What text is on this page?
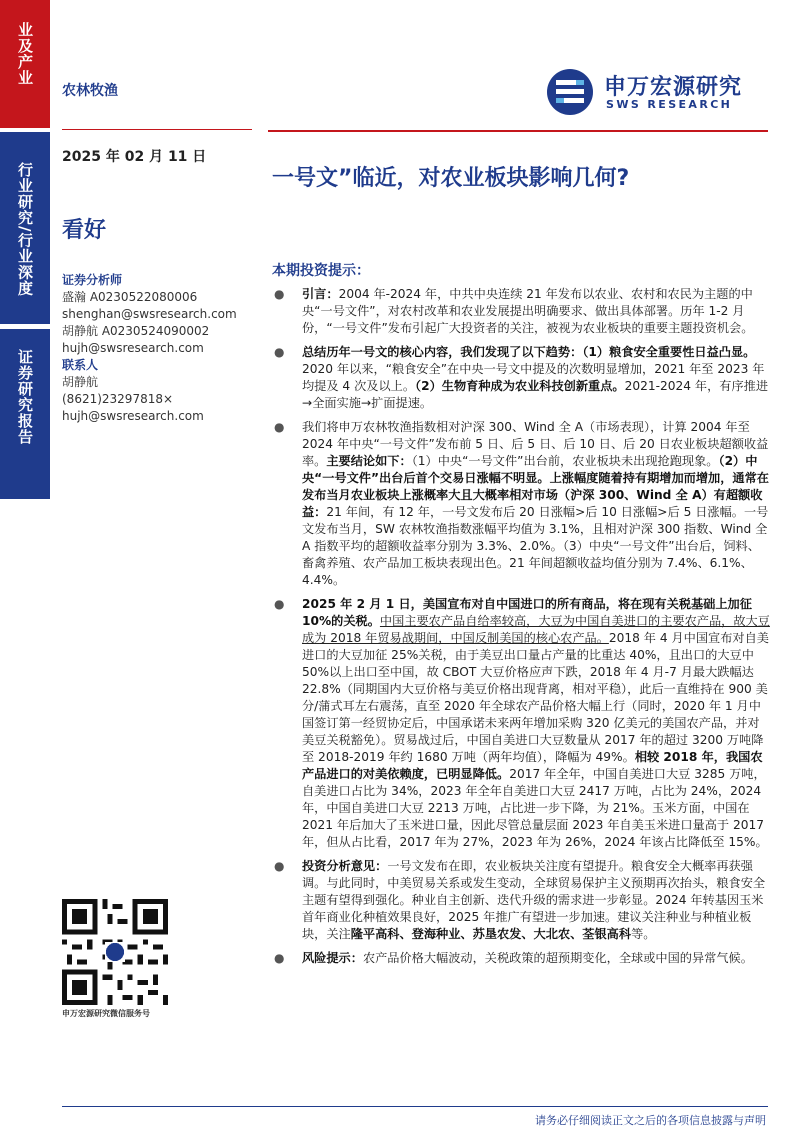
业及产业
行业研究/行业深度
证券研究报告
农林牧渔	申万宏源研究
SWS RESEARCH
2025 年 02 月 11 日
看好
一号文”临近，对农业板块影响几何?
证券分析师
盛瀚 A0230522080006
shenghan@swsresearch.com
胡静航 A0230524090002
hujh@swsresearch.com
联系人
胡静航
(8621)23297818×
hujh@swsresearch.com
申万宏源研究微信服务号
本期投资提示：
● 引言：2004 年-2024 年，中共中央连续 21 年发布以农业、农村和农民为主题的中央“一号文件”，对农村改革和农业发展提出明确要求、做出具体部署。历年 1-2 月份，“一号文件”发布引起广大投资者的关注，被视为农业板块的重要主题投资机会。
● 总结历年一号文的核心内容，我们发现了以下趋势：（1）粮食安全重要性日益凸显。2020 年以来，“粮食安全”在中央一号文中提及的次数明显增加，2021 年至 2023 年均提及 4 次及以上。（2）生物育种成为农业科技创新重点。2021-2024 年，有序推进→全面实施→扩面提速。
● 我们将申万农林牧渔指数相对沪深 300、Wind 全 A（市场表现），计算 2004 年至 2024 年中央“一号文件”发布前 5 日、后 5 日、后 10 日、后 20 日农业板块超额收益率。主要结论如下：（1）中央“一号文件”出台前，农业板块未出现抢跑现象。（2）中央“一号文件”出台后首个交易日涨幅不明显。上涨幅度随着持有期增加而增加，通常在发布当月农业板块上涨概率大且大概率相对市场（沪深 300、Wind 全 A）有超额收益：21 年间，有 12 年，一号文发布后 20 日涨幅>后 10 日涨幅>后 5 日涨幅。一号文发布当月，SW 农林牧渔指数涨幅平均值为 3.1%，且相对沪深 300 指数、Wind 全 A 指数平均的超额收益率分别为 3.3%、2.0%。（3）中央“一号文件”出台后，饲料、畜禽养殖、农产品加工板块表现出色。21 年间超额收益均值分别为 7.4%、6.1%、4.4%。
● 2025 年 2 月 1 日，美国宣布对自中国进口的所有商品，将在现有关税基础上加征 10%的关税。中国主要农产品自给率较高，大豆为中国自美进口的主要农产品，故大豆成为 2018 年贸易战期间，中国反制美国的核心农产品。2018 年 4 月中国宣布对自美进口的大豆加征 25%关税，由于美豆出口量占产量的比重达 40%，且出口的大豆中 50%以上出口至中国，故 CBOT 大豆价格应声下跌，2018 年 4 月-7 月最大跌幅达 22.8%（同期国内大豆价格与美豆价格出现背离，相对平稳），此后一直维持在 900 美分/蒲式耳左右震荡，直至 2020 年全球农产品价格大幅上行（同时，2020 年 1 月中国签订第一经贸协定后，中国承诺未来两年增加采购 320 亿美元的美国农产品，并对美豆关税豁免）。贸易战过后，中国自美进口大豆数量从 2017 年的超过 3200 万吨降至 2018-2019 年约 1680 万吨（两年均值），降幅为 49%。相较 2018 年，我国农产品进口的对美依赖度，已明显降低。2017 年全年，中国自美进口大豆 3285 万吨，自美进口占比为 34%，2023 年全年自美进口大豆 2417 万吨，占比为 24%，2024 年，中国自美进口大豆 2213 万吨，占比进一步下降，为 21%。玉米方面，中国在 2021 年后加大了玉米进口量，因此尽管总量层面 2023 年自美玉米进口量高于 2017 年，但从占比看，2017 年为 27%，2023 年为 26%，2024 年该占比降低至 15%。
● 投资分析意见：一号文发布在即，农业板块关注度有望提升。粮食安全大概率再获强调。与此同时，中美贸易关系或发生变动，全球贸易保护主义预期再次抬头，粮食安全主题有望得到强化。种业自主创新、迭代升级的需求进一步彰显。2024 年转基因玉米首年商业化种植效果良好，2025 年推广有望进一步加速。建议关注种业与种植业板块，关注隆平高科、登海种业、苏垦农发、大北农、荃银高科等。
● 风险提示：农产品价格大幅波动，关税政策的超预期变化，全球或中国的异常气候。
请务必仔细阅读正文之后的各项信息披露与声明
